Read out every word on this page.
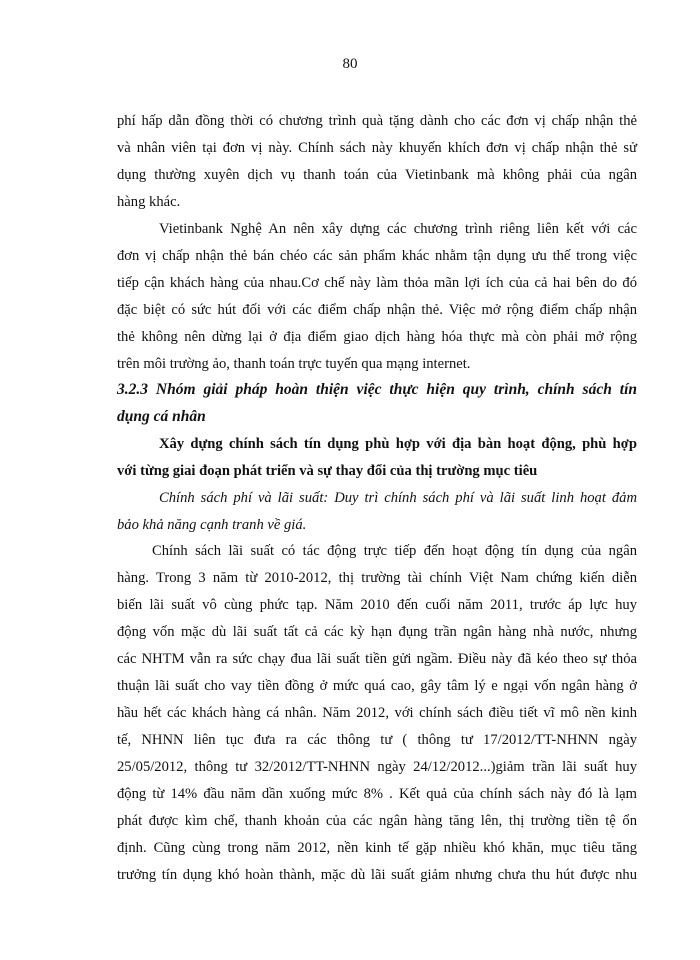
80
phí hấp dẫn đồng thời có chương trình quà tặng dành cho các đơn vị chấp nhận thẻ
và nhân viên tại đơn vị này. Chính sách này khuyến khích đơn vị chấp nhận thẻ sử
dụng thường xuyên dịch vụ thanh toán của Vietinbank mà không phải của ngân
hàng khác.
Vietinbank Nghệ An nên xây dựng các chương trình riêng liên kết với các
đơn vị chấp nhận thẻ bán chéo các sản phẩm khác nhằm tận dụng ưu thế trong việc
tiếp cận khách hàng của nhau.Cơ chế này làm thỏa mãn lợi ích của cả hai bên do đó
đặc biệt có sức hút đối với các điểm chấp nhận thẻ. Việc mở rộng điểm chấp nhận
thẻ không nên dừng lại ở địa điểm giao dịch hàng hóa thực mà còn phải mở rộng
trên môi trường ảo, thanh toán trực tuyến qua mạng internet.
3.2.3 Nhóm giải pháp hoàn thiện việc thực hiện quy trình, chính sách tín
dụng cá nhân
Xây dựng chính sách tín dụng phù hợp với địa bàn hoạt động, phù hợp
với từng giai đoạn phát triển và sự thay đổi của thị trường mục tiêu
Chính sách phí và lãi suất: Duy trì chính sách phí và lãi suất linh hoạt đảm
bảo khả năng cạnh tranh về giá.
Chính sách lãi suất có tác động trực tiếp đến hoạt động tín dụng của ngân
hàng. Trong 3 năm từ 2010-2012, thị trường tài chính Việt Nam chứng kiến diễn
biến lãi suất vô cùng phức tạp. Năm 2010 đến cuối năm 2011, trước áp lực huy
động vốn mặc dù lãi suất tất cả các kỳ hạn đụng trần ngân hàng nhà nước, nhưng
các NHTM vẫn ra sức chạy đua lãi suất tiền gửi ngầm. Điều này đã kéo theo sự thỏa
thuận lãi suất cho vay tiền đồng ở mức quá cao, gây tâm lý e ngại vốn ngân hàng ở
hầu hết các khách hàng cá nhân. Năm 2012, với chính sách điều tiết vĩ mô nền kinh
tế, NHNN liên tục đưa ra các thông tư ( thông tư 17/2012/TT-NHNN ngày
25/05/2012, thông tư 32/2012/TT-NHNN ngày 24/12/2012...)giảm trần lãi suất huy
động từ 14% đầu năm dần xuống mức 8% . Kết quả của chính sách này đó là lạm
phát được kìm chế, thanh khoản của các ngân hàng tăng lên, thị trường tiền tệ ổn
định. Cũng cùng trong năm 2012, nền kinh tế gặp nhiều khó khăn, mục tiêu tăng
trưởng tín dụng khó hoàn thành, mặc dù lãi suất giảm nhưng chưa thu hút được nhu
